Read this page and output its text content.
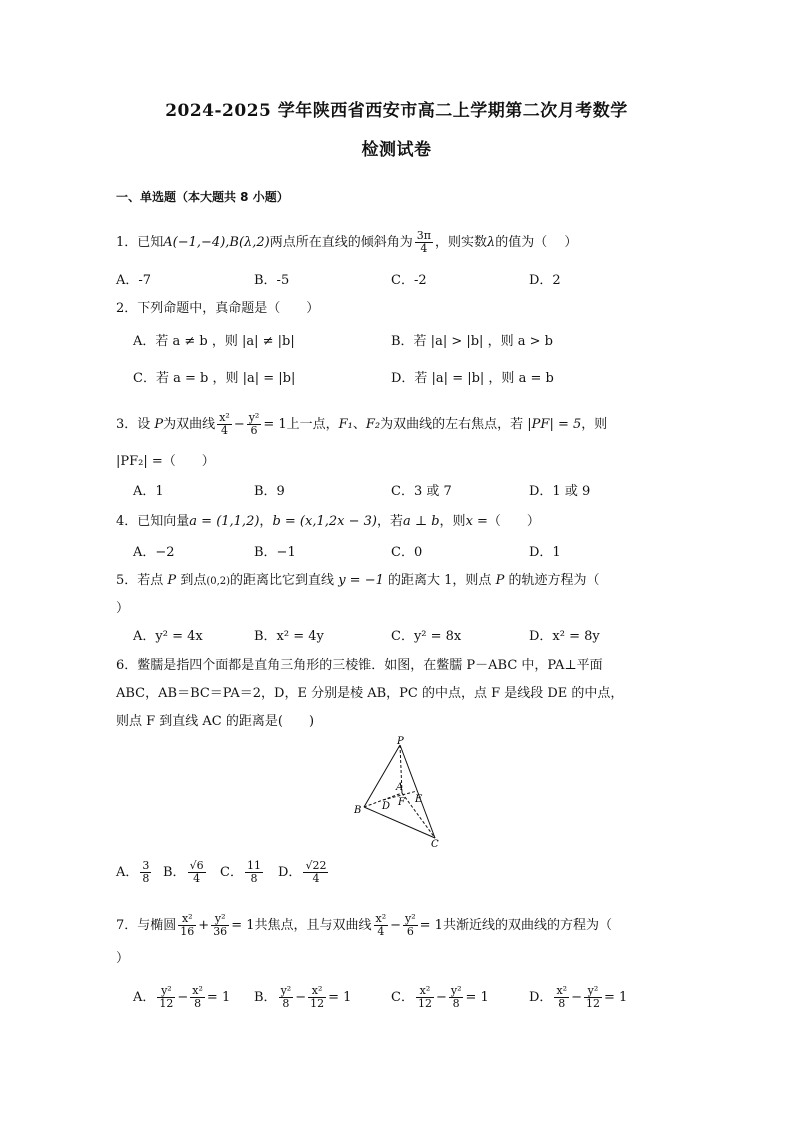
2024-2025 学年陕西省西安市高二上学期第二次月考数学
检测试卷
一、单选题（本大题共 8 小题）
1．已知A(−1,−4),B(λ,2)两点所在直线的倾斜角为 $\frac{3\pi}{4}$ ，则实数λ的值为（　 ）
A．-7	B．-5	C．-2	D．2
2．下列命题中，真命题是（　　）
A．若 a ≠ b ，则 |a| ≠ |b|	B．若 |a| > |b| ，则 a > b
C．若 a = b ，则 |a| = |b|	D．若 |a| = |b| ，则 a = b
3．设 P为双曲线 $\frac{\text{x²}}{4} - \frac{\text{y²}}{6} = 1$上一点，F₁、F₂为双曲线的左右焦点，若 |PF| = 5，则
|PF₂| =（　　）
A．1	B．9	C．3 或 7	D．1 或 9
4．已知向量a = (1,1,2)，b = (x,1,2x − 3)，若a ⊥ b，则x =（　　）
A．−2	B．−1	C．0	D．1
5．若点 P 到点(0,2)的距离比它到直线 y = −1 的距离大 1，则点 P 的轨迹方程为（
）
A．y² = 4x	B．x² = 4y	C．y² = 8x	D．x² = 8y
6．鳖臑是指四个面都是直角三角形的三棱锥．如图，在鳖臑 P－ABC 中，PA⊥平面
ABC，AB＝BC＝PA＝2，D，E 分别是棱 AB，PC 的中点，点 F 是线段 DE 的中点，
则点 F 到直线 AC 的距离是(　　)
P
A
B
C
D
E
F
A． $\frac{3}{8}$ B． $\frac{√6}{4}$ C． $\frac{11}{8}$ D． $\frac{√22}{4}$
7．与椭圆 $\frac{\text{x²}}{16} + \frac{\text{y²}}{36} = 1$共焦点，且与双曲线 $\frac{\text{x²}}{4} - \frac{\text{y²}}{6} = 1$共渐近线的双曲线的方程为（
）
A． $\frac{\text{y²}}{12} - \frac{\text{x²}}{8} = 1$ B． $\frac{\text{y²}}{8} - \frac{\text{x²}}{12} = 1$	C． $\frac{\text{x²}}{12} - \frac{\text{y²}}{8} = 1$	D． $\frac{\text{x²}}{8} - \frac{\text{y²}}{12} = 1$
